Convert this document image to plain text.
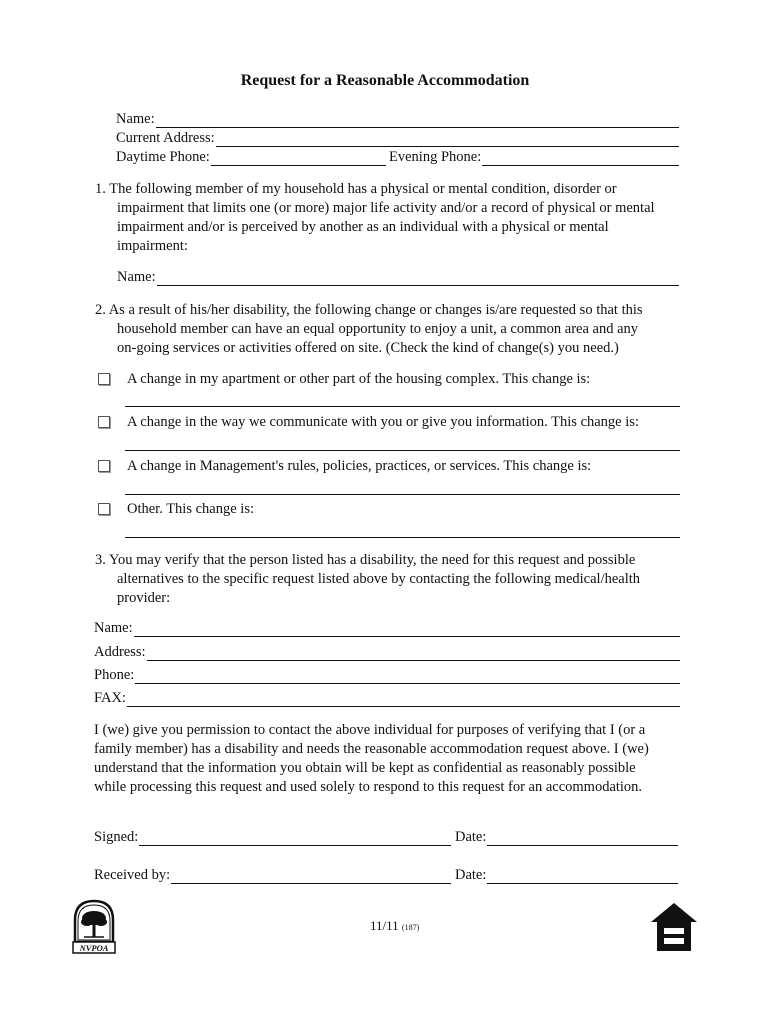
Request for a Reasonable Accommodation
Name:
Current Address:
Daytime Phone:	Evening Phone:
1. The following member of my household has a physical or mental condition, disorder or
impairment that limits one (or more) major life activity and/or a record of physical or mental
impairment and/or is perceived by another as an individual with a physical or mental
impairment:
Name:
2. As a result of his/her disability, the following change or changes is/are requested so that this
household member can have an equal opportunity to enjoy a unit, a common area and any
on-going services or activities offered on site. (Check the kind of change(s) you need.)
A change in my apartment or other part of the housing complex. This change is:
A change in the way we communicate with you or give you information. This change is:
A change in Management's rules, policies, practices, or services. This change is:
Other. This change is:
3. You may verify that the person listed has a disability, the need for this request and possible
alternatives to the specific request listed above by contacting the following medical/health
provider:
Name:
Address:
Phone:
FAX:
I (we) give you permission to contact the above individual for purposes of verifying that I (or a
family member) has a disability and needs the reasonable accommodation request above. I (we)
understand that the information you obtain will be kept as confidential as reasonably possible
while processing this request and used solely to respond to this request for an accommodation.
Signed:	Date:
Received by:	Date:
NVPOA
11/11 (187)
